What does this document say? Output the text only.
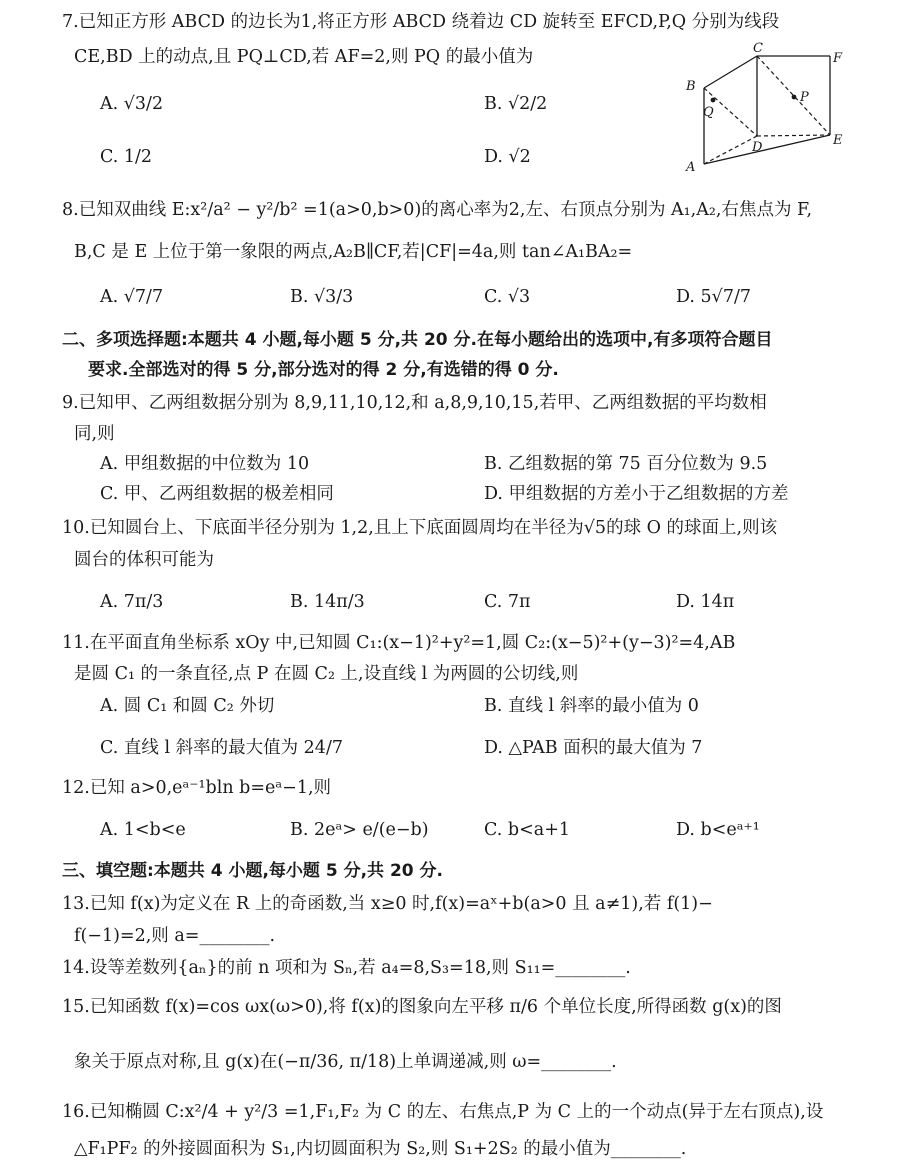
7.已知正方形 ABCD 的边长为1,将正方形 ABCD 绕着边 CD 旋转至 EFCD,P,Q 分别为线段
CE,BD 上的动点,且 PQ⊥CD,若 AF=2,则 PQ 的最小值为
A. √3/2	B. √2/2
C. 1/2	D. √2
C
F
B
P
Q
D	E
A
8.已知双曲线 E:x²/a² − y²/b² =1(a>0,b>0)的离心率为2,左、右顶点分别为 A₁,A₂,右焦点为 F,
B,C 是 E 上位于第一象限的两点,A₂B∥CF,若|CF|=4a,则 tan∠A₁BA₂=
A. √7/7	B. √3/3	C. √3	D. 5√7/7
二、多项选择题:本题共 4 小题,每小题 5 分,共 20 分.在每小题给出的选项中,有多项符合题目
要求.全部选对的得 5 分,部分选对的得 2 分,有选错的得 0 分.
9.已知甲、乙两组数据分别为 8,9,11,10,12,和 a,8,9,10,15,若甲、乙两组数据的平均数相
同,则
A. 甲组数据的中位数为 10	B. 乙组数据的第 75 百分位数为 9.5
C. 甲、乙两组数据的极差相同	D. 甲组数据的方差小于乙组数据的方差
10.已知圆台上、下底面半径分别为 1,2,且上下底面圆周均在半径为√5的球 O 的球面上,则该
圆台的体积可能为
A. 7π/3	B. 14π/3	C. 7π	D. 14π
11.在平面直角坐标系 xOy 中,已知圆 C₁:(x−1)²+y²=1,圆 C₂:(x−5)²+(y−3)²=4,AB
是圆 C₁ 的一条直径,点 P 在圆 C₂ 上,设直线 l 为两圆的公切线,则
A. 圆 C₁ 和圆 C₂ 外切	B. 直线 l 斜率的最小值为 0
C. 直线 l 斜率的最大值为 24/7	D. △PAB 面积的最大值为 7
12.已知 a>0,eᵃ⁻¹bln b=eᵃ−1,则
A. 1<b<e	B. 2eᵃ> e/(e−b)	C. b<a+1	D. b<eᵃ⁺¹
三、填空题:本题共 4 小题,每小题 5 分,共 20 分.
13.已知 f(x)为定义在 R 上的奇函数,当 x≥0 时,f(x)=aˣ+b(a>0 且 a≠1),若 f(1)−
f(−1)=2,则 a=________.
14.设等差数列{aₙ}的前 n 项和为 Sₙ,若 a₄=8,S₃=18,则 S₁₁=________.
15.已知函数 f(x)=cos ωx(ω>0),将 f(x)的图象向左平移 π/6 个单位长度,所得函数 g(x)的图
象关于原点对称,且 g(x)在(−π/36, π/18)上单调递减,则 ω=________.
16.已知椭圆 C:x²/4 + y²/3 =1,F₁,F₂ 为 C 的左、右焦点,P 为 C 上的一个动点(异于左右顶点),设
△F₁PF₂ 的外接圆面积为 S₁,内切圆面积为 S₂,则 S₁+2S₂ 的最小值为________.
